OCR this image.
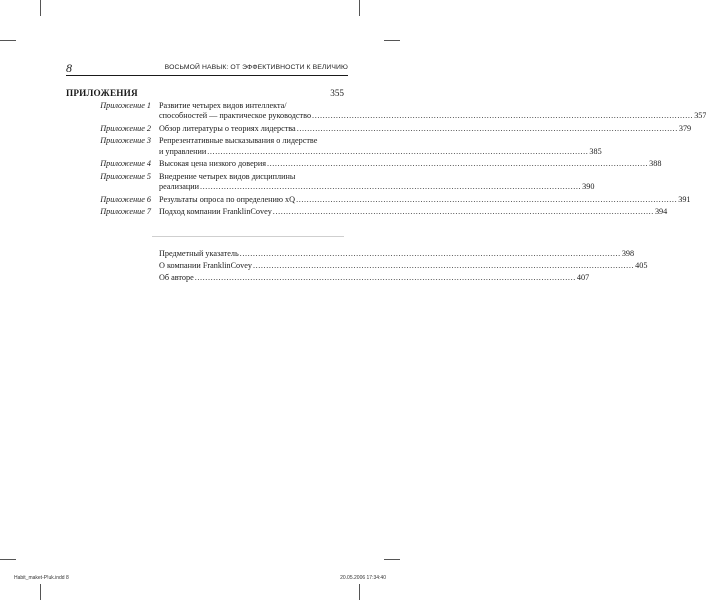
8	ВОСЬМОЙ НАВЫК: ОТ ЭФФЕКТИВНОСТИ К ВЕЛИЧИЮ
ПРИЛОЖЕНИЯ	355
Приложение 1 Развитие четырех видов интеллекта/
способностей — практическое руководство .....	357
Приложение 2 Обзор литературы о теориях лидерства .....	379
Приложение 3 Репрезентативные высказывания о лидерстве
и управлении .....	385
Приложение 4 Высокая цена низкого доверия .....	388
Приложение 5 Внедрение четырех видов дисциплины
реализации .....	390
Приложение 6 Результаты опроса по определению xQ .....	391
Приложение 7 Подход компании FranklinCovey .....	394
Предметный указатель .....	398
О компании FranklinCovey .....	405
Об авторе .....	407
Habit_maket-P!uk.indd 8	20.05.2006 17:34:40
